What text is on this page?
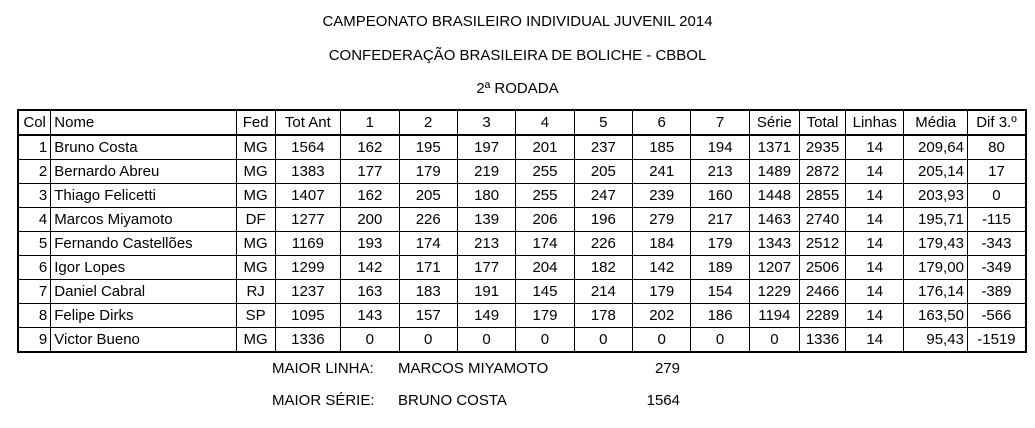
CAMPEONATO BRASILEIRO INDIVIDUAL JUVENIL 2014
CONFEDERAÇÃO BRASILEIRA DE BOLICHE - CBBOL
2ª RODADA
Col	Nome	Fed	Tot Ant	1	2	3	4	5	6	7	Série	Total	Linhas	Média	Dif 3.º
1	Bruno Costa	MG	1564	162	195	197	201	237	185	194	1371	2935	14	209,64	80
2	Bernardo Abreu	MG	1383	177	179	219	255	205	241	213	1489	2872	14	205,14	17
3	Thiago Felicetti	MG	1407	162	205	180	255	247	239	160	1448	2855	14	203,93	0
4	Marcos Miyamoto	DF	1277	200	226	139	206	196	279	217	1463	2740	14	195,71	-115
5	Fernando Castellões	MG	1169	193	174	213	174	226	184	179	1343	2512	14	179,43	-343
6	Igor Lopes	MG	1299	142	171	177	204	182	142	189	1207	2506	14	179,00	-349
7	Daniel Cabral	RJ	1237	163	183	191	145	214	179	154	1229	2466	14	176,14	-389
8	Felipe Dirks	SP	1095	143	157	149	179	178	202	186	1194	2289	14	163,50	-566
9	Victor Bueno	MG	1336	0	0	0	0	0	0	0	0	1336	14	95,43	-1519
MAIOR LINHA: MARCOS MIYAMOTO	279
MAIOR SÉRIE: BRUNO COSTA	1564
